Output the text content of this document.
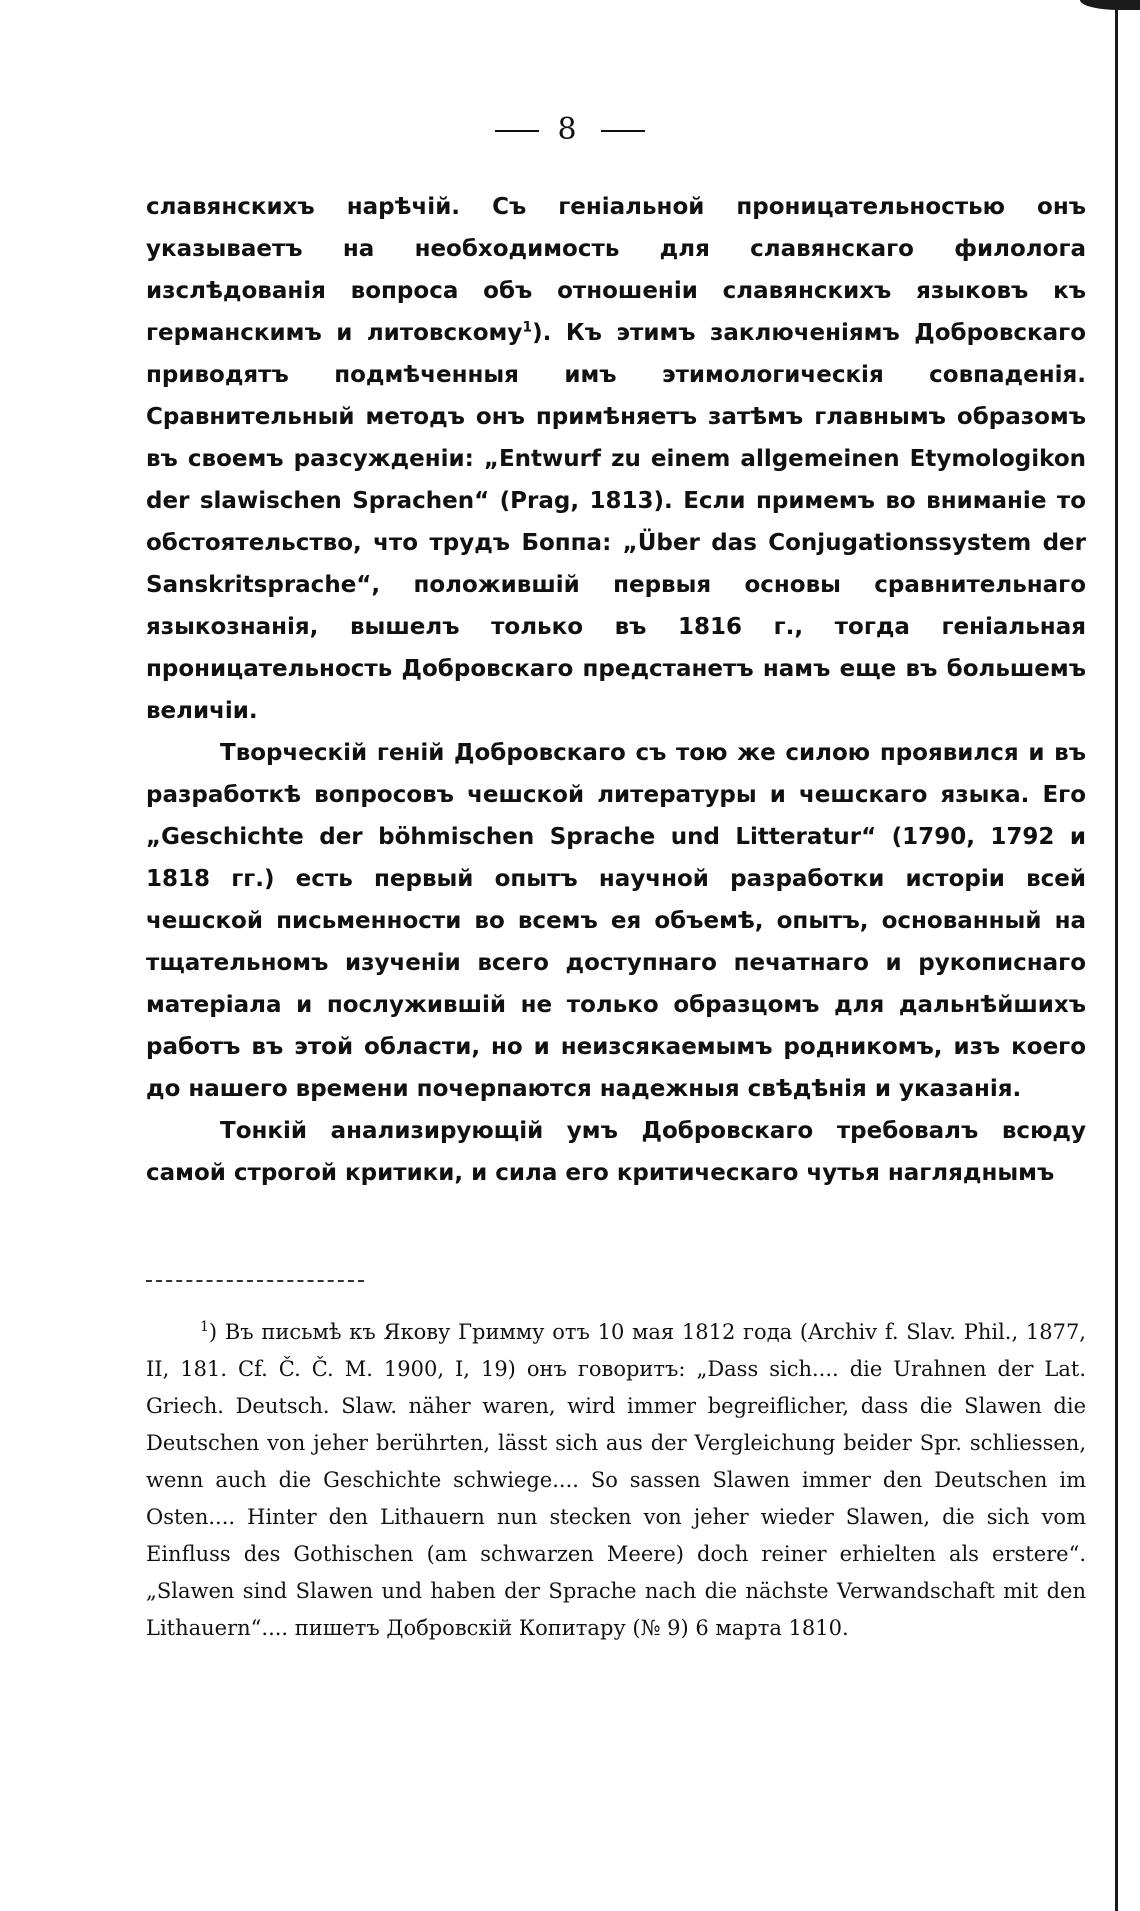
8

славянскихъ нарѣчій. Съ геніальной проницательностью онъ указываетъ на необходимость для славянскаго филолога изслѣдованія вопроса объ отношеніи славянскихъ языковъ къ германскимъ и литовскому$^1$). Къ этимъ заключеніямъ Добровскаго приводятъ подмѣченныя имъ этимологическія совпаденія. Сравнительный методъ онъ примѣняетъ затѣмъ главнымъ образомъ въ своемъ разсужденіи: „Entwurf zu einem allgemeinen Etymologikon der slawischen Sprachen“ (Prag, 1813). Если примемъ во вниманіе то обстоятельство, что трудъ Боппа: „Über das Conjugationssystem der Sanskritsprache“, положившій первыя основы сравнительнаго языкознанія, вышелъ только въ 1816 г., тогда геніальная проницательность Добровскаго предстанетъ намъ еще въ большемъ величіи.

Творческій геній Добровскаго съ тою же силою проявился и въ разработкѣ вопросовъ чешской литературы и чешскаго языка. Его „Geschichte der böhmischen Sprache und Litteratur“ (1790, 1792 и 1818 гг.) есть первый опытъ научной разработки исторіи всей чешской письменности во всемъ ея объемѣ, опытъ, основанный на тщательномъ изученіи всего доступнаго печатнаго и рукописнаго матеріала и послужившій не только образцомъ для дальнѣйшихъ работъ въ этой области, но и неизсякаемымъ родникомъ, изъ коего до нашего времени почерпаются надежныя свѣдѣнія и указанія.

Тонкій анализирующій умъ Добровскаго требовалъ всюду самой строгой критики, и сила его критическаго чутья нагляднымъ

$^1$) Въ письмѣ къ Якову Гримму отъ 10 мая 1812 года (Archiv f. Slav. Phil., 1877, II, 181. Cf. Č. Č. M. 1900, I, 19) онъ говоритъ: „Dass sich.... die Urahnen der Lat. Griech. Deutsch. Slaw. näher waren, wird immer begreiflicher, dass die Slawen die Deutschen von jeher berührten, lässt sich aus der Vergleichung beider Spr. schliessen, wenn auch die Geschichte schwiege.... So sassen Slawen immer den Deutschen im Osten.... Hinter den Lithauern nun stecken von jeher wieder Slawen, die sich vom Einfluss des Gothischen (am schwarzen Meere) doch reiner erhielten als erstere“. „Slawen sind Slawen und haben der Sprache nach die nächste Verwandschaft mit den Lithauern“.... пишетъ Добровскій Копитару (№ 9) 6 марта 1810.
